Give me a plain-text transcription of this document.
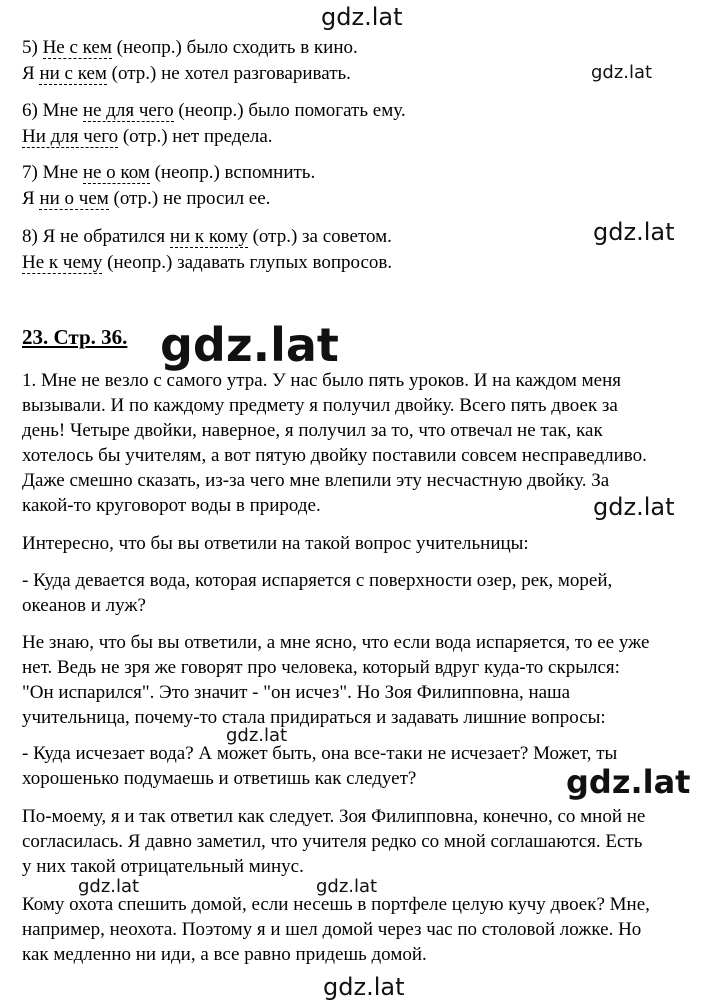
gdz.lat
gdz.lat
gdz.lat
gdz.lat
gdz.lat
gdz.lat
gdz.lat
gdz.lat	gdz.lat
gdz.lat
5) Не с кем (неопр.) было сходить в кино.
Я ни с кем (отр.) не хотел разговаривать.
6) Мне не для чего (неопр.) было помогать ему.
Ни для чего (отр.) нет предела.
7) Мне не о ком (неопр.) вспомнить.
Я ни о чем (отр.) не просил ее.
8) Я не обратился ни к кому (отр.) за советом.
Не к чему (неопр.) задавать глупых вопросов.
23. Стр. 36.
1. Мне не везло с самого утра. У нас было пять уроков. И на каждом меня
вызывали. И по каждому предмету я получил двойку. Всего пять двоек за
день! Четыре двойки, наверное, я получил за то, что отвечал не так, как
хотелось бы учителям, а вот пятую двойку поставили совсем несправедливо.
Даже смешно сказать, из-за чего мне влепили эту несчастную двойку. За
какой-то круговорот воды в природе.
Интересно, что бы вы ответили на такой вопрос учительницы:
- Куда девается вода, которая испаряется с поверхности озер, рек, морей,
океанов и луж?
Не знаю, что бы вы ответили, а мне ясно, что если вода испаряется, то ее уже
нет. Ведь не зря же говорят про человека, который вдруг куда-то скрылся:
"Он испарился". Это значит - "он исчез". Но Зоя Филипповна, наша
учительница, почему-то стала придираться и задавать лишние вопросы:
- Куда исчезает вода? А может быть, она все-таки не исчезает? Может, ты
хорошенько подумаешь и ответишь как следует?
По-моему, я и так ответил как следует. Зоя Филипповна, конечно, со мной не
согласилась. Я давно заметил, что учителя редко со мной соглашаются. Есть
у них такой отрицательный минус.
Кому охота спешить домой, если несешь в портфеле целую кучу двоек? Мне,
например, неохота. Поэтому я и шел домой через час по столовой ложке. Но
как медленно ни иди, а все равно придешь домой.
